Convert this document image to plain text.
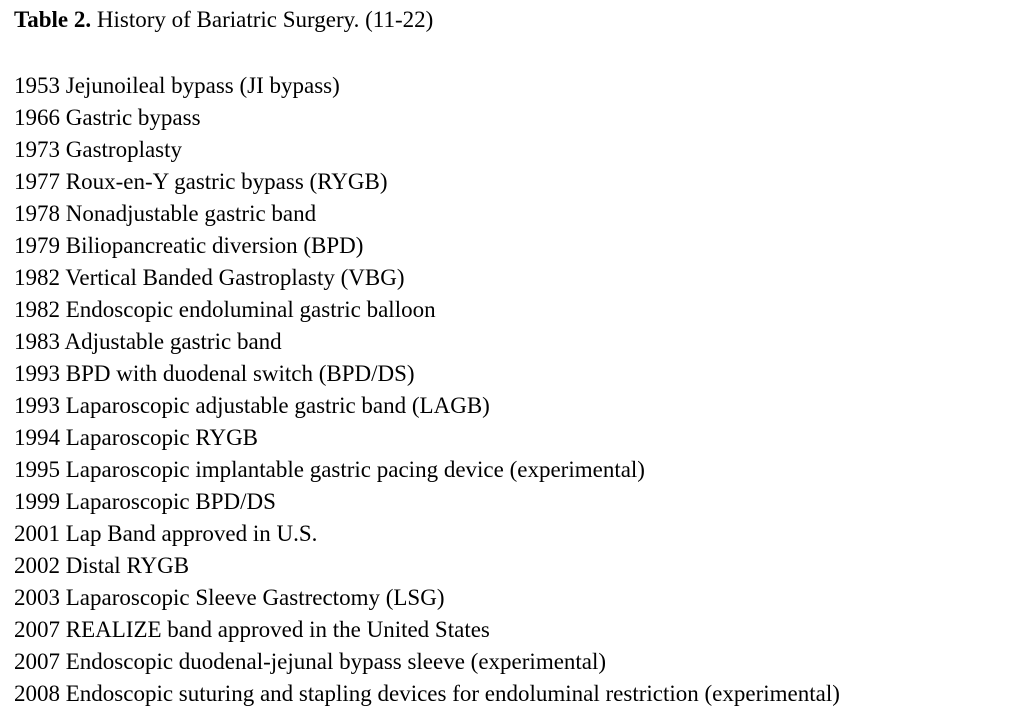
Table 2. History of Bariatric Surgery. (11-22)
1953 Jejunoileal bypass (JI bypass)
1966 Gastric bypass
1973 Gastroplasty
1977 Roux-en-Y gastric bypass (RYGB)
1978 Nonadjustable gastric band
1979 Biliopancreatic diversion (BPD)
1982 Vertical Banded Gastroplasty (VBG)
1982 Endoscopic endoluminal gastric balloon
1983 Adjustable gastric band
1993 BPD with duodenal switch (BPD/DS)
1993 Laparoscopic adjustable gastric band (LAGB)
1994 Laparoscopic RYGB
1995 Laparoscopic implantable gastric pacing device (experimental)
1999 Laparoscopic BPD/DS
2001 Lap Band approved in U.S.
2002 Distal RYGB
2003 Laparoscopic Sleeve Gastrectomy (LSG)
2007 REALIZE band approved in the United States
2007 Endoscopic duodenal-jejunal bypass sleeve (experimental)
2008 Endoscopic suturing and stapling devices for endoluminal restriction (experimental)
